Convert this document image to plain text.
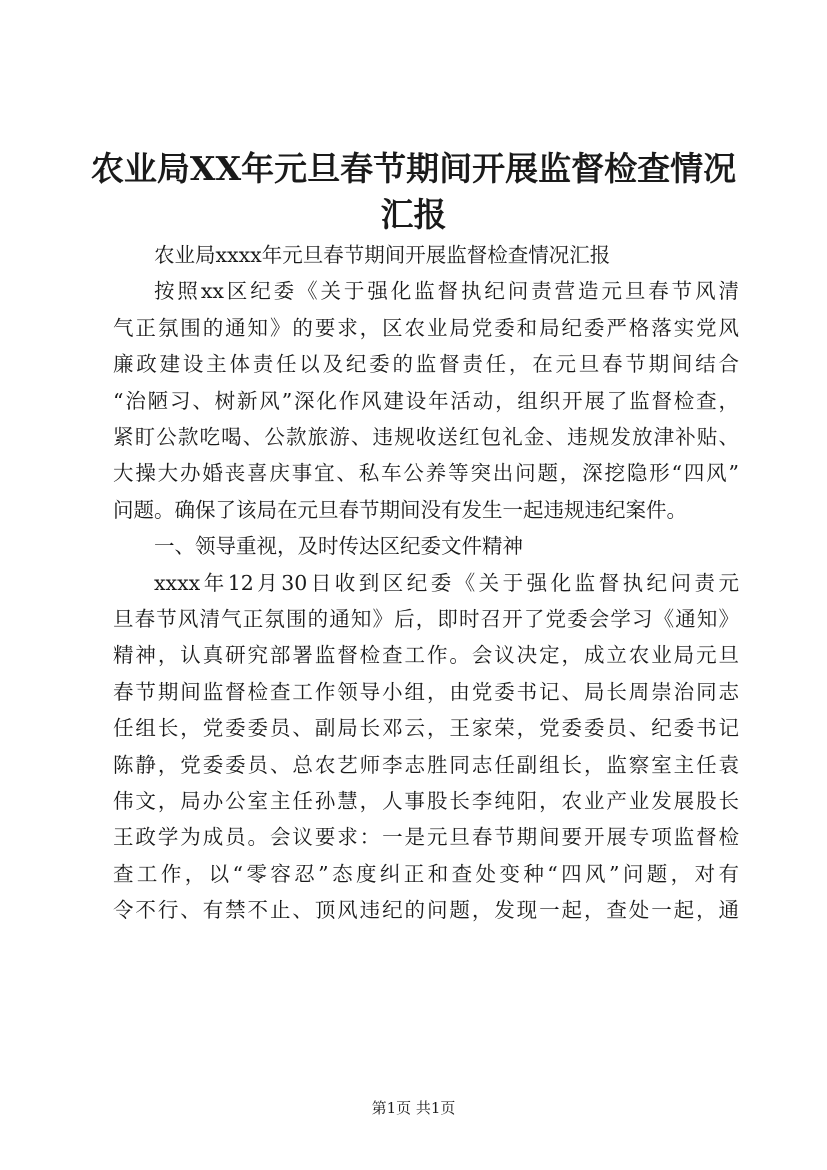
农业局XX年元旦春节期间开展监督检查情况
汇报
农业局xxxx年元旦春节期间开展监督检查情况汇报
按照xx区纪委《关于强化监督执纪问责营造元旦春节风清
气正氛围的通知》的要求，区农业局党委和局纪委严格落实党风
廉政建设主体责任以及纪委的监督责任，在元旦春节期间结合
“治陋习、树新风”深化作风建设年活动，组织开展了监督检查，
紧盯公款吃喝、公款旅游、违规收送红包礼金、违规发放津补贴、
大操大办婚丧喜庆事宜、私车公养等突出问题，深挖隐形“四风”
问题。确保了该局在元旦春节期间没有发生一起违规违纪案件。
一、领导重视，及时传达区纪委文件精神
xxxx年12月30日收到区纪委《关于强化监督执纪问责元
旦春节风清气正氛围的通知》后，即时召开了党委会学习《通知》
精神，认真研究部署监督检查工作。会议决定，成立农业局元旦
春节期间监督检查工作领导小组，由党委书记、局长周崇治同志
任组长，党委委员、副局长邓云，王家荣，党委委员、纪委书记
陈静，党委委员、总农艺师李志胜同志任副组长，监察室主任袁
伟文，局办公室主任孙慧，人事股长李纯阳，农业产业发展股长
王政学为成员。会议要求：一是元旦春节期间要开展专项监督检
查工作，以“零容忍”态度纠正和查处变种“四风”问题，对有
令不行、有禁不止、顶风违纪的问题，发现一起，查处一起，通
第1页 共1页
